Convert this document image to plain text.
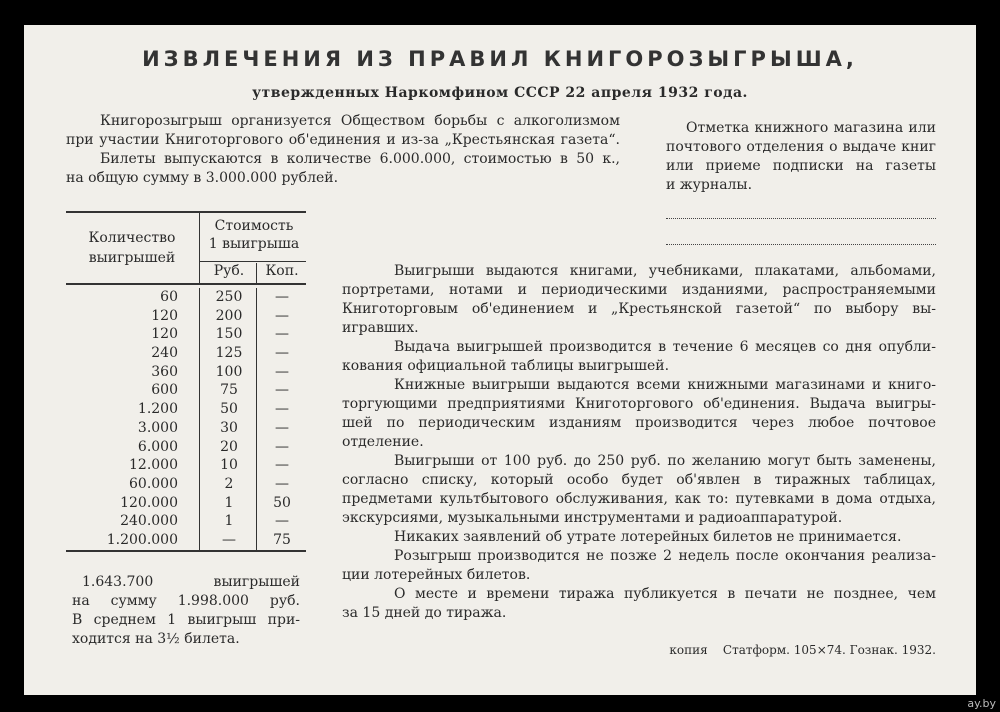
ИЗВЛЕЧЕНИЯ ИЗ ПРАВИЛ КНИГОРОЗЫГРЫША,
утвержденных Наркомфином СССР 22 апреля 1932 года.
Книгорозыгрыш организуется Обществом борьбы с алкоголизмом
при участии Книготоргового об'единения и из-за „Крестьянская газета“.
Билеты выпускаются в количестве 6.000.000, стоимостью в 50 к.,
на общую сумму в 3.000.000 рублей.
Отметка книжного магазина или
почтового отделения о выдаче книг
или приеме подписки на газеты
и журналы.
Количество
выигрышей
Стоимость
1 выигрыша
Руб.	Коп.
60	250	—
120	200	—
120	150	—
240	125	—
360	100	—
600	75	—
1.200	50	—
3.000	30	—
6.000	20	—
12.000	10	—
60.000	2	—
120.000	1	50
240.000	1	—
1.200.000	—	75
1.643.700 выигрышей
на сумму 1.998.000 руб.
В среднем 1 выигрыш при-
ходится на 3½ билета.
Выигрыши выдаются книгами, учебниками, плакатами, альбомами,
портретами, нотами и периодическими изданиями, распространяемыми
Книготорговым об'единением и „Крестьянской газетой“ по выбору вы-
игравших.
Выдача выигрышей производится в течение 6 месяцев со дня опубли-
кования официальной таблицы выигрышей.
Книжные выигрыши выдаются всеми книжными магазинами и книго-
торгующими предприятиями Книготоргового об'единения. Выдача выигры-
шей по периодическим изданиям производится через любое почтовое
отделение.
Выигрыши от 100 руб. до 250 руб. по желанию могут быть заменены,
согласно списку, который особо будет об'явлен в тиражных таблицах,
предметами культбытового обслуживания, как то: путевками в дома отдыха,
экскурсиями, музыкальными инструментами и радиоаппаратурой.
Никаких заявлений об утрате лотерейных билетов не принимается.
Розыгрыш производится не позже 2 недель после окончания реализа-
ции лотерейных билетов.
О месте и времени тиража публикуется в печати не позднее, чем
за 15 дней до тиража.
копия    Статформ. 105×74. Гознак. 1932.
ay.by
